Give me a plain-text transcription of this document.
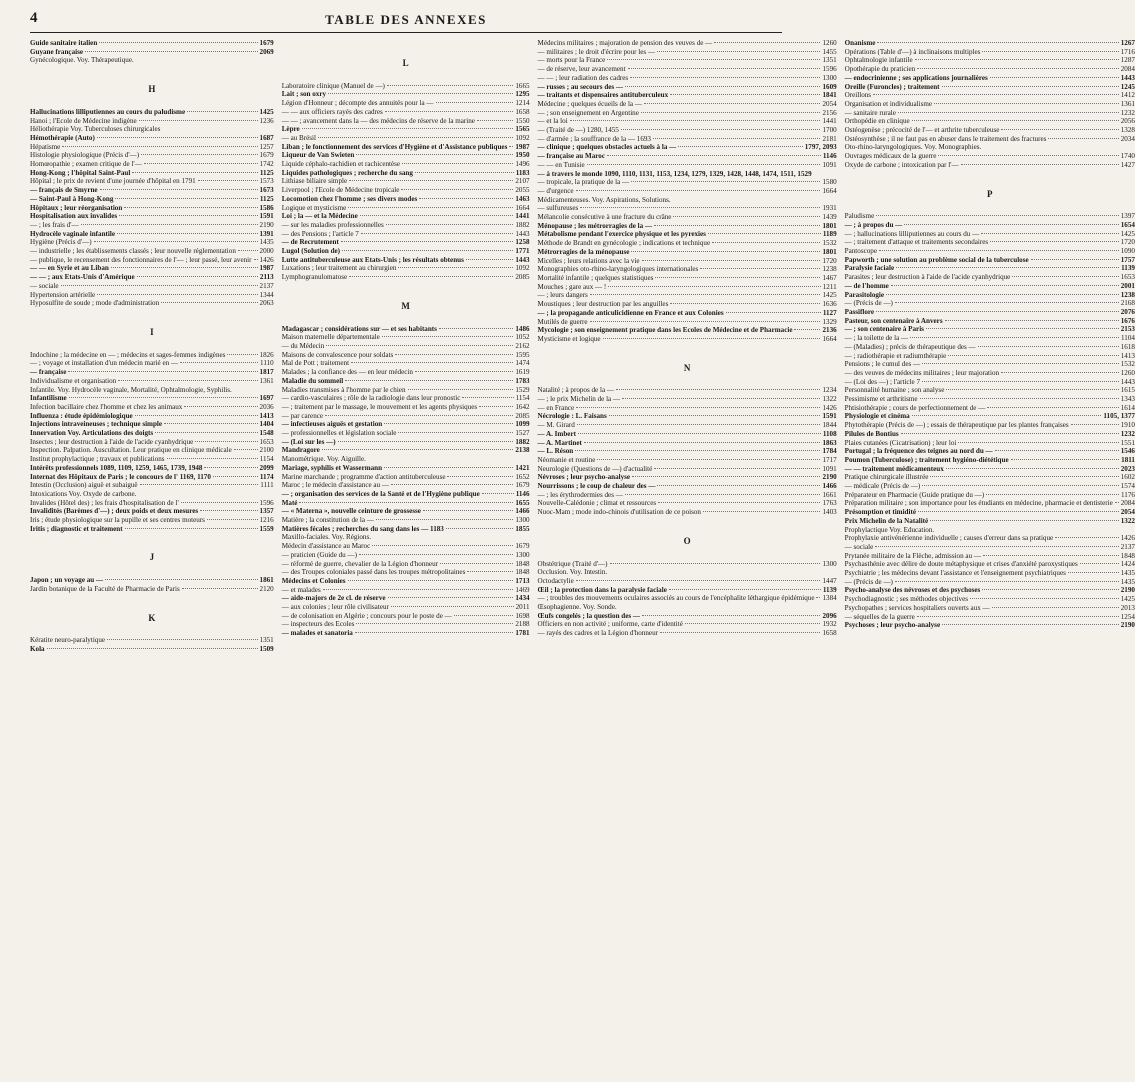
4	TABLE DES ANNEXES
Guide sanitaire italien	1679
Guyane française	2069
Gynécologique. Voy. Thérapeutique.
H
Hallucinations lilliputiennes au cours du paludisme	1425
Hanoi ; l'Ecole de Médecine indigène	1236
Héliothérapie Voy. Tuberculoses chirurgicales
Hémothérapie (Auto)	1687
Hépatisme	1257
Histologie physiologique (Précis d'—)	1679
Homœopathie ; examen critique de l'—	1742
Hong-Kong ; l'hôpital Saint-Paul	1125
Hôpital ; le prix de revient d'une journée d'hôpital en 1791	1573
— français de Smyrne	1673
— Saint-Paul à Hong-Kong	1125
Hôpitaux ; leur réorganisation	1586
Hospitalisation aux invalides	1591
— ; les frais d'—	2190
Hydrocèle vaginale infantile	1391
Hygiène (Précis d'—)	1435
— industrielle ; les établissements classés ; leur nouvelle réglementation	2000
— publique, le recensement des fonctionnaires de l'— ; leur passé, leur avenir 1426
— — en Syrie et au Liban	1987
— — ; aux Etats-Unis d'Amérique	2113
— sociale	2137
Hypertension artérielle	1344
Hyposulfite de soude ; mode d'administration	2063
I
Indochine ; la médecine en — ; médecins et sages-femmes indigènes	1826
— ; voyage et installation d'un médecin marié en —	1110
— française	1817
Individualisme et organisation	1361
Infantile. Voy. Hydrocèle vaginale, Mortalité, Ophtalmologie, Syphilis.
Infantilisme	1697
Infection bacillaire chez l'homme et chez les animaux	2036
Influenza : étude épidémiologique	1413
Injections intraveineuses ; technique simple	1404
Innervation Voy. Articulations des doigts	1548
Insectes ; leur destruction à l'aide de l'acide cyanhydrique	1653
Inspection. Palpation. Auscultation. Leur pratique en clinique médicale	2100
Institut prophylactique ; travaux et publications	1154
Intérêts professionnels 1089, 1109, 1259, 1465, 1739, 1948	2099
Internat des Hôpitaux de Paris ; le concours de l' 1169, 1170	1174
Intestin (Occlusion) aiguë et subaiguë	1111
Intoxications Voy. Oxyde de carbone.
Invalides (Hôtel des) ; les frais d'hospitalisation de l'	1596
Invalidités (Barèmes d'—) ; deux poids et deux mesures	1357
Iris ; étude physiologique sur la pupille et ses centres moteurs	1216
Iritis ; diagnostic et traitement	1559
J
Japon ; un voyage au —	1861
Jardin botanique de la Faculté de Pharmacie de Paris	2120
K
Kératite neuro-paralytique	1351
Kola	1509
L
Laboratoire clinique (Manuel de —)	1665
Lait ; son oxry	1295
Légion d'Honneur ; décompte des annuités pour la —	1214
— — aux officiers rayés des cadres	1658
— — ; avancement dans la — des médecins de réserve de la marine	1550
Lèpre	1565
— au Brésil	1092
Liban ; le fonctionnement des services d'Hygiène et d'Assistance publiques 1987
Liqueur de Van Swieten	1950
Liquide céphalo-rachidien et rachicentèse	1496
Liquides pathologiques ; recherche du sang	1183
Lithiase biliaire simple	2107
Liverpool ; l'Ecole de Médecine tropicale	2055
Locomotion chez l'homme ; ses divers modes	1463
Logique et mysticisme	1664
Loi ; la — et la Médecine	1441
— sur les maladies professionnelles	1882
— des Pensions ; l'article 7	1443
— de Recrutement	1258
Lugol (Solution de)	1771
Lutte antituberculeuse aux Etats-Unis ; les résultats obtenus	1443
Luxations ; leur traitement au chirurgien	1092
Lymphogranulomatose	2085
M
Madagascar ; considérations sur — et ses habitants	1486
Maison maternelle départementale	1052
— du Médecin	2162
Maisons de convalescence pour soldats	1595
Mal de Pott ; traitement	1474
Malades ; la confiance des — en leur médecin	1619
Maladie du sommeil	1783
Maladies transmises à l'homme par le chien	1529
— cardio-vasculaires ; rôle de la radiologie dans leur pronostic	1154
— ; traitement par le massage, le mouvement et les agents physiques	1642
— par carence	2085
— infectieuses aiguës et gestation	1099
— professionnelles et législation sociale	1527
— (Loi sur les —)	1882
Mandragore	2138
Manométrique. Voy. Aiguille.
Mariage, syphilis et Wassermann	1421
Marine marchande ; programme d'action antituberculeuse	1652
Maroc ; le médecin d'assistance au —	1679
— ; organisation des services de la Santé et de l'Hygiène publique	1146
Maté	1655
— « Materna », nouvelle ceinture de grossesse	1466
Matière ; la constitution de la —	1300
Matières fécales ; recherches du sang dans les — 1183	1855
Maxillo-faciales. Voy. Régions.
Médecin d'assistance au Maroc	1679
— praticien (Guide du —)	1300
— réformé de guerre, chevalier de la Légion d'honneur	1848
— des Troupes coloniales passé dans les troupes métropolitaines	1848
Médecins et Colonies	1713
— et malades	1469
— aide-majors de 2e cl. de réserve	1434
— aux colonies ; leur rôle civilisateur	2011
— de colonisation en Algérie ; concours pour le poste de —	1698
— inspecteurs des Ecoles	2188
— malades et sanatoria	1781
Médecins militaires ; majoration de pension des veuves de —	1260
— militaires ; le droit d'écrire pour les —	1455
— morts pour la France	1351
— de réserve, leur avancement	1596
— — ; leur radiation des cadres	1300
— russes ; au secours des —	1609
— traitants et dispensaires antituberculeux	1841
Médecine ; quelques écueils de la —	2054
— ; son enseignement en Argentine	2156
— et la loi	1441
— (Traité de —) 1280, 1455	1700
— d'armée ; la souffrance de la — 1693	2181
— clinique ; quelques obstacles actuels à la —	1797, 2093
— française au Maroc	1146
— — en Tunisie	1091
— à travers le monde 1090, 1110, 1131, 1153, 1234, 1279, 1329, 1428, 1448, 1474, 1511, 1529
— tropicale, la pratique de la —	1580
— d'urgence	1664
Médicamenteuses. Voy. Aspirations, Solutions.
— sulfureuses	1931
Mélancolie consécutive à une fracture du crâne	1439
Ménopause ; les métrorragies de la —	1801
Métabolisme pendant l'exercice physique et les pyrexies	1189
Méthode de Brandt en gynécologie ; indications et technique	1532
Métrorragies de la ménopause	1801
Micelles ; leurs relations avec la vie	1720
Monographies oto-rhino-laryngologiques internationales	1238
Mortalité infantile ; quelques statistiques	1467
Mouches ; gare aux — !	1211
— ; leurs dangers	1425
Moustiques ; leur destruction par les anguilles	1636
— ; la propagande anticulicidienne en France et aux Colonies	1127
Mutilés de guerre	1329
Mycologie ; son enseignement pratique dans les Ecoles de Médecine et de Pharmacie	2136
Mysticisme et logique	1664
N
Natalité ; à propos de la —	1234
— ; le prix Michelin de la —	1322
— en France	1426
Nécrologie : L. Faisans	1591
— M. Girard	1844
— A. Imbert	1108
— A. Martinet	1863
— L. Réson	1784
Néomanie et routine	1717
Neurologie (Questions de —) d'actualité	1091
Névroses ; leur psycho-analyse	2190
Nourrissons ; le coup de chaleur des —	1466
— ; les érythrodermies des —	1661
Nouvelle-Calédonie ; climat et ressources	1763
Nuoc-Mam ; mode indo-chinois d'utilisation de ce poison	1403
O
Obstétrique (Traité d'—)	1300
Occlusion. Voy. Intestin.
Octodactylie	1447
Œil ; la protection dans la paralysie faciale	1139
— ; troubles des mouvements oculaires associés au cours de l'encéphalite léthargique épidémique 1384
Œsophagienne. Voy. Sonde.
Œufs congelés ; la question des —	2096
Officiers en non activité ; uniforme, carte d'identité	1932
— rayés des cadres et la Légion d'honneur	1658
Onanisme	1267
Opérations (Table d'—) à inclinaisons multiples	1716
Ophtalmologie infantile	1287
Opothérapie du praticien	2084
— endocrinienne ; ses applications journalières	1443
Oreille (Furoncles) ; traitement	1245
Oreillons	1412
Organisation et individualisme	1361
— sanitaire rurale	1232
Orthopédie en clinique	2056
Ostéogenèse ; précocité de l'— et arthrite tuberculeuse	1328
Ostéosynthèse ; il ne faut pas en abuser dans le traitement des fractures	2034
Oto-rhino-laryngologiques. Voy. Monographies.
Ouvrages médicaux de la guerre	1740
Oxyde de carbone ; intoxication par l'—	1427
P
Paludisme	1397
— ; à propos du —	1654
— ; hallucinations lilliputiennes au cours du —	1425
— ; traitement d'attaque et traitements secondaires	1720
Pantoscope	1090
Papworth ; une solution au problème social de la tuberculose	1757
Paralysie faciale	1139
Parasites ; leur destruction à l'aide de l'acide cyanhydrique	1653
— de l'homme	2001
Parasitologie	1238
— (Précis de —)	2168
Passiflore	2076
Pasteur, son centenaire à Anvers	1676
— ; son centenaire à Paris	2153
— ; la toilette de la —	1104
— (Maladies) ; précis de thérapeutique des —	1618
— ; radiothérapie et radiumthérapie	1413
Pensions ; le cumul des —	1532
— des veuves de médecins militaires ; leur majoration	1260
— (Loi des —) ; l'article 7	1443
Personnalité humaine ; son analyse	1615
Pessimisme et arthritisme	1343
Phtisiothérapie ; cours de perfectionnement de —	1614
Physiologie et cinéma	1105, 1377
Phytothérapie (Précis de —) ; essais de thérapeutique par les plantes françaises	1910
Pilules de Bontius	1232
Plaies cutanées (Cicatrisation) ; leur loi	1551
Portugal ; la fréquence des teignes au nord du —	1546
Poumon (Tuberculose) ; traitement hygiéno-diététique	1811
— — traitement médicamenteux	2023
Pratique chirurgicale illustrée	1602
— médicale (Précis de —)	1574
Préparateur en Pharmacie (Guide pratique du —)	1176
Préparation militaire ; son importance pour les étudiants en médecine, pharmacie et dentisterie 2084
Présomption et timidité	2054
Prix Michelin de la Natalité	1322
Prophylactique Voy. Education.
Prophylaxie antivénérienne individuelle ; causes d'erreur dans sa pratique	1426
— sociale	2137
Prytanée militaire de la Flèche, admission au —	1848
Psychasthénie avec délire de doute métaphysique et crises d'anxiété paroxystiques	1424
Psychiatrie ; les médecins devant l'assistance et l'enseignement psychiatriques	1435
— (Précis de —)	1435
Psycho-analyse des névroses et des psychoses	2190
Psychodiagnostic ; ses méthodes objectives	1425
Psychopathes ; services hospitaliers ouverts aux —	2013
— séquelles de la guerre	1254
Psychoses ; leur psycho-analyse	2190
